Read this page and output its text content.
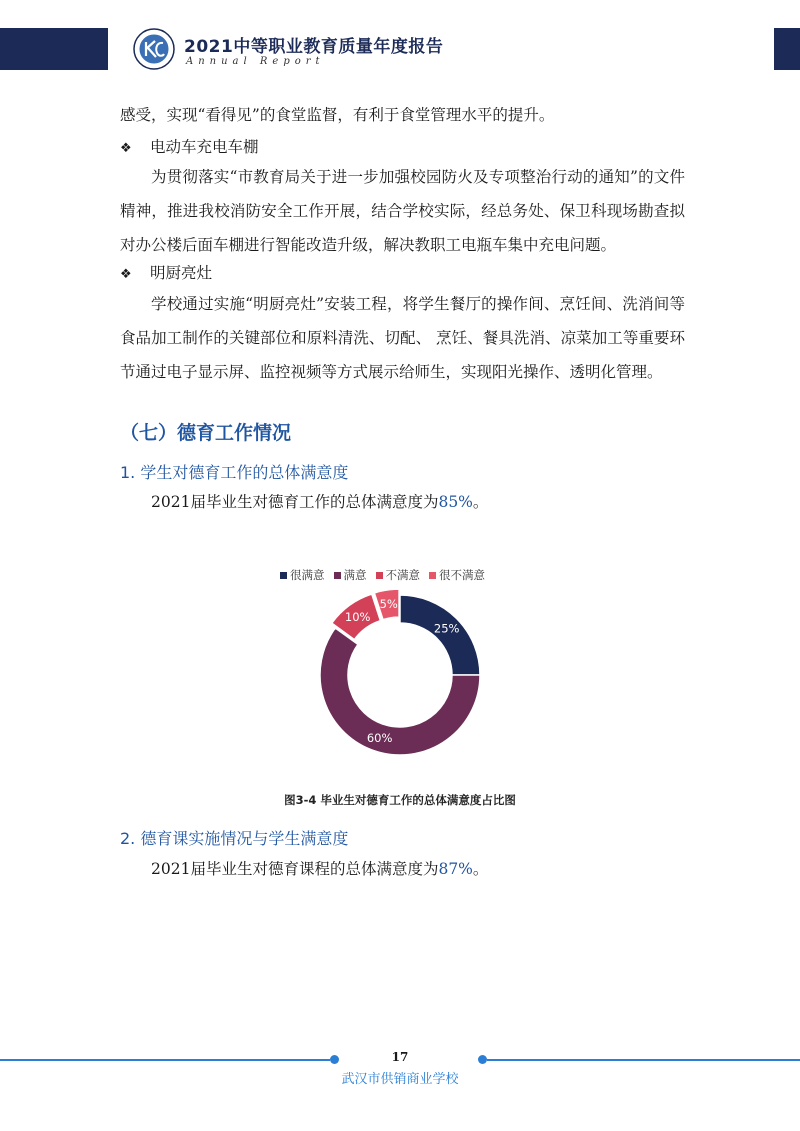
2021中等职业教育质量年度报告
Annual Report
感受，实现“看得见”的食堂监督，有利于食堂管理水平的提升。
❖ 电动车充电车棚
为贯彻落实“市教育局关于进一步加强校园防火及专项整治行动的通知”的文件精神，推进我校消防安全工作开展，结合学校实际，经总务处、保卫科现场勘查拟对办公楼后面车棚进行智能改造升级，解决教职工电瓶车集中充电问题。
❖ 明厨亮灶
学校通过实施“明厨亮灶”安装工程，将学生餐厅的操作间、烹饪间、洗消间等食品加工制作的关键部位和原料清洗、切配、 烹饪、餐具洗消、凉菜加工等重要环节通过电子显示屏、监控视频等方式展示给师生，实现阳光操作、透明化管理。
（七）德育工作情况
1. 学生对德育工作的总体满意度
2021届毕业生对德育工作的总体满意度为85%。
很满意 满意 不满意 很不满意
25%
60%
10%
5%
图3-4 毕业生对德育工作的总体满意度占比图
2. 德育课实施情况与学生满意度
2021届毕业生对德育课程的总体满意度为87%。
17
武汉市供销商业学校
